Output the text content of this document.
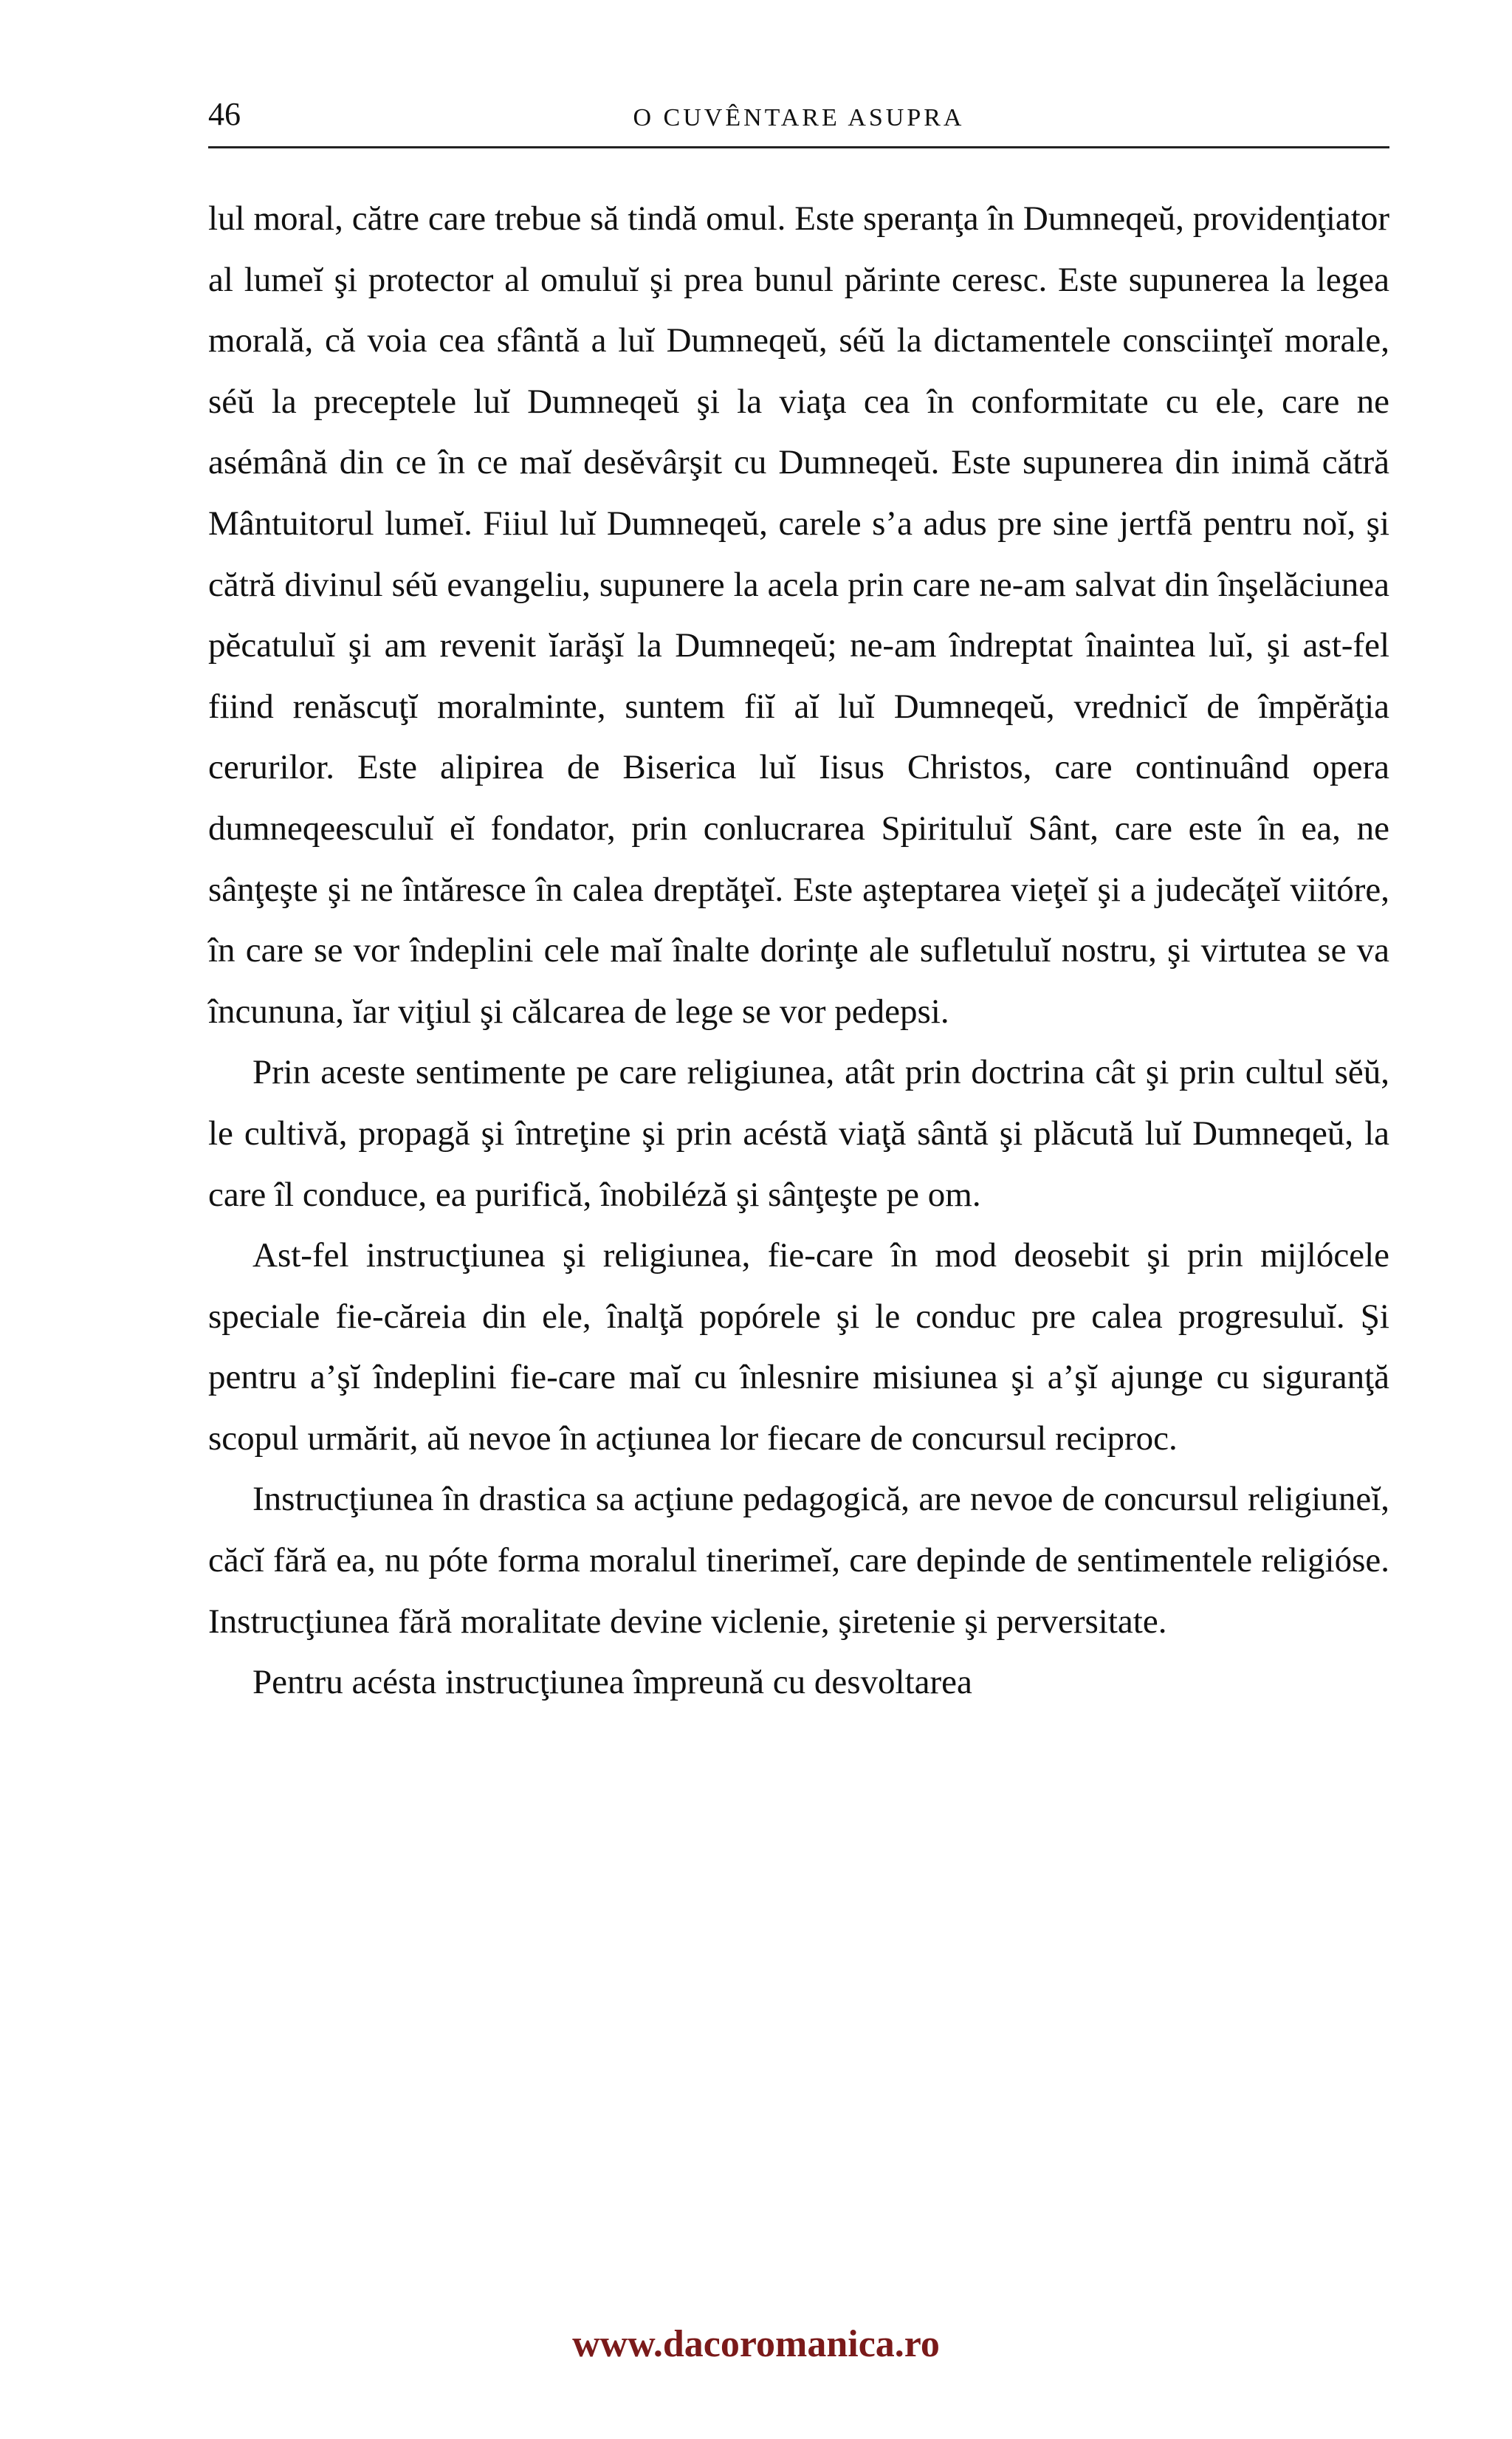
46	O CUVÊNTARE ASUPRA

lul moral, către care trebue să tindă omul. Este speranţa în Dumneqeŭ, providenţiator al lumeĭ şi protector al omuluĭ şi prea bunul părinte ceresc. Este supunerea la legea morală, că voia cea sfântă a luĭ Dumneqeŭ, séŭ la dictamentele consciinţeĭ morale, séŭ la preceptele luĭ Dumneqeŭ şi la viaţa cea în conformitate cu ele, care ne asémână din ce în ce maĭ desĕvârşit cu Dumneqeŭ. Este supunerea din inimă cătră Mântuitorul lumeĭ. Fiiul luĭ Dumneqeŭ, carele s’a adus pre sine jertfă pentru noĭ, şi cătră divinul séŭ evangeliu, supunere la acela prin care ne-am salvat din înşelăciunea pĕcatuluĭ şi am revenit ĭarăşĭ la Dumneqeŭ; ne-am îndreptat înaintea luĭ, şi ast-fel fiind renăscuţĭ moralminte, suntem fiĭ aĭ luĭ Dumneqeŭ, vrednicĭ de împĕrăţia cerurilor. Este alipirea de Biserica luĭ Iisus Christos, care continuând opera dumneqeesculuĭ eĭ fondator, prin conlucrarea Spirituluĭ Sânt, care este în ea, ne sânţeşte şi ne întăresce în calea dreptăţeĭ. Este aşteptarea vieţeĭ şi a judecăţeĭ viitóre, în care se vor îndeplini cele maĭ înalte dorinţe ale sufletuluĭ nostru, şi virtutea se va încununa, ĭar viţiul şi călcarea de lege se vor pedepsi.

Prin aceste sentimente pe care religiunea, atât prin doctrina cât şi prin cultul sĕŭ, le cultivă, propagă şi întreţine şi prin acéstă viaţă sântă şi plăcută luĭ Dumneqeŭ, la care îl conduce, ea purifică, înobiléză şi sânţeşte pe om.

Ast-fel instrucţiunea şi religiunea, fie-care în mod deosebit şi prin mijlócele speciale fie-căreia din ele, înalţă popórele şi le conduc pre calea progresuluĭ. Şi pentru a’şĭ îndeplini fie-care maĭ cu înlesnire misiunea şi a’şĭ ajunge cu siguranţă scopul urmărit, aŭ nevoe în acţiunea lor fiecare de concursul reciproc.

Instrucţiunea în drastica sa acţiune pedagogică, are nevoe de concursul religiuneĭ, căcĭ fără ea, nu póte forma moralul tinerimeĭ, care depinde de sentimentele religióse. Instrucţiunea fără moralitate devine viclenie, şiretenie şi perversitate.

Pentru acésta instrucţiunea împreună cu desvoltarea

www.dacoromanica.ro
